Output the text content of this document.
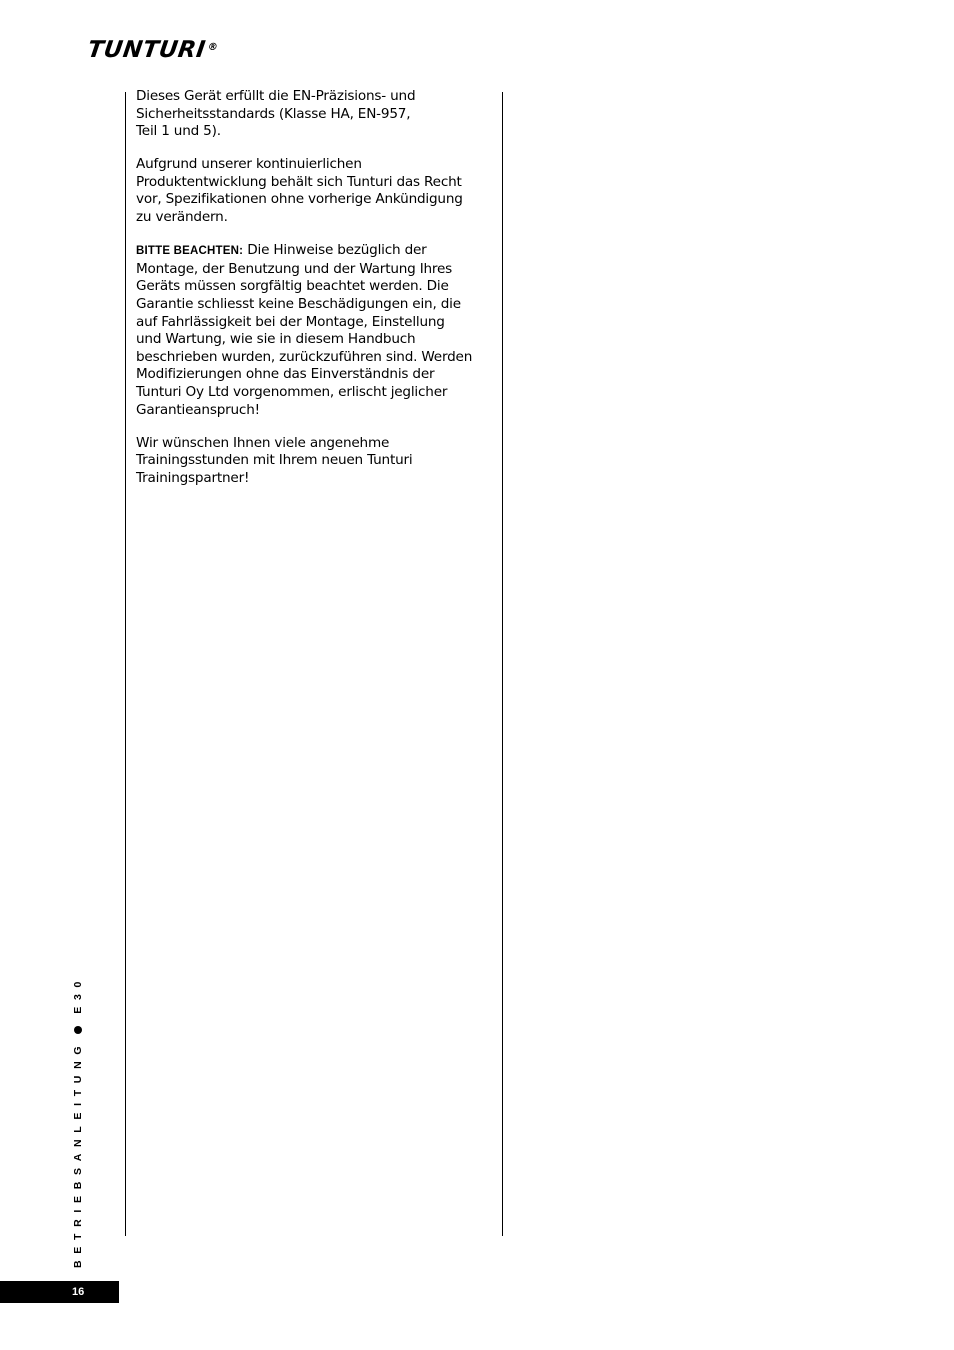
TUNTURI®

Dieses Gerät erfüllt die EN-Präzisions- und
Sicherheitsstandards (Klasse HA, EN-957,
Teil 1 und 5).

Aufgrund unserer kontinuierlichen
Produktentwicklung behält sich Tunturi das Recht
vor, Spezifikationen ohne vorherige Ankündigung
zu verändern.

BITTE BEACHTEN: Die Hinweise bezüglich der
Montage, der Benutzung und der Wartung Ihres
Geräts müssen sorgfältig beachtet werden. Die
Garantie schliesst keine Beschädigungen ein, die
auf Fahrlässigkeit bei der Montage, Einstellung
und Wartung, wie sie in diesem Handbuch
beschrieben wurden, zurückzuführen sind. Werden
Modifizierungen ohne das Einverständnis der
Tunturi Oy Ltd vorgenommen, erlischt jeglicher
Garantieanspruch!

Wir wünschen Ihnen viele angenehme
Trainingsstunden mit Ihrem neuen Tunturi
Trainingspartner!

BETRIEBSANLEITUNG
E30
16
